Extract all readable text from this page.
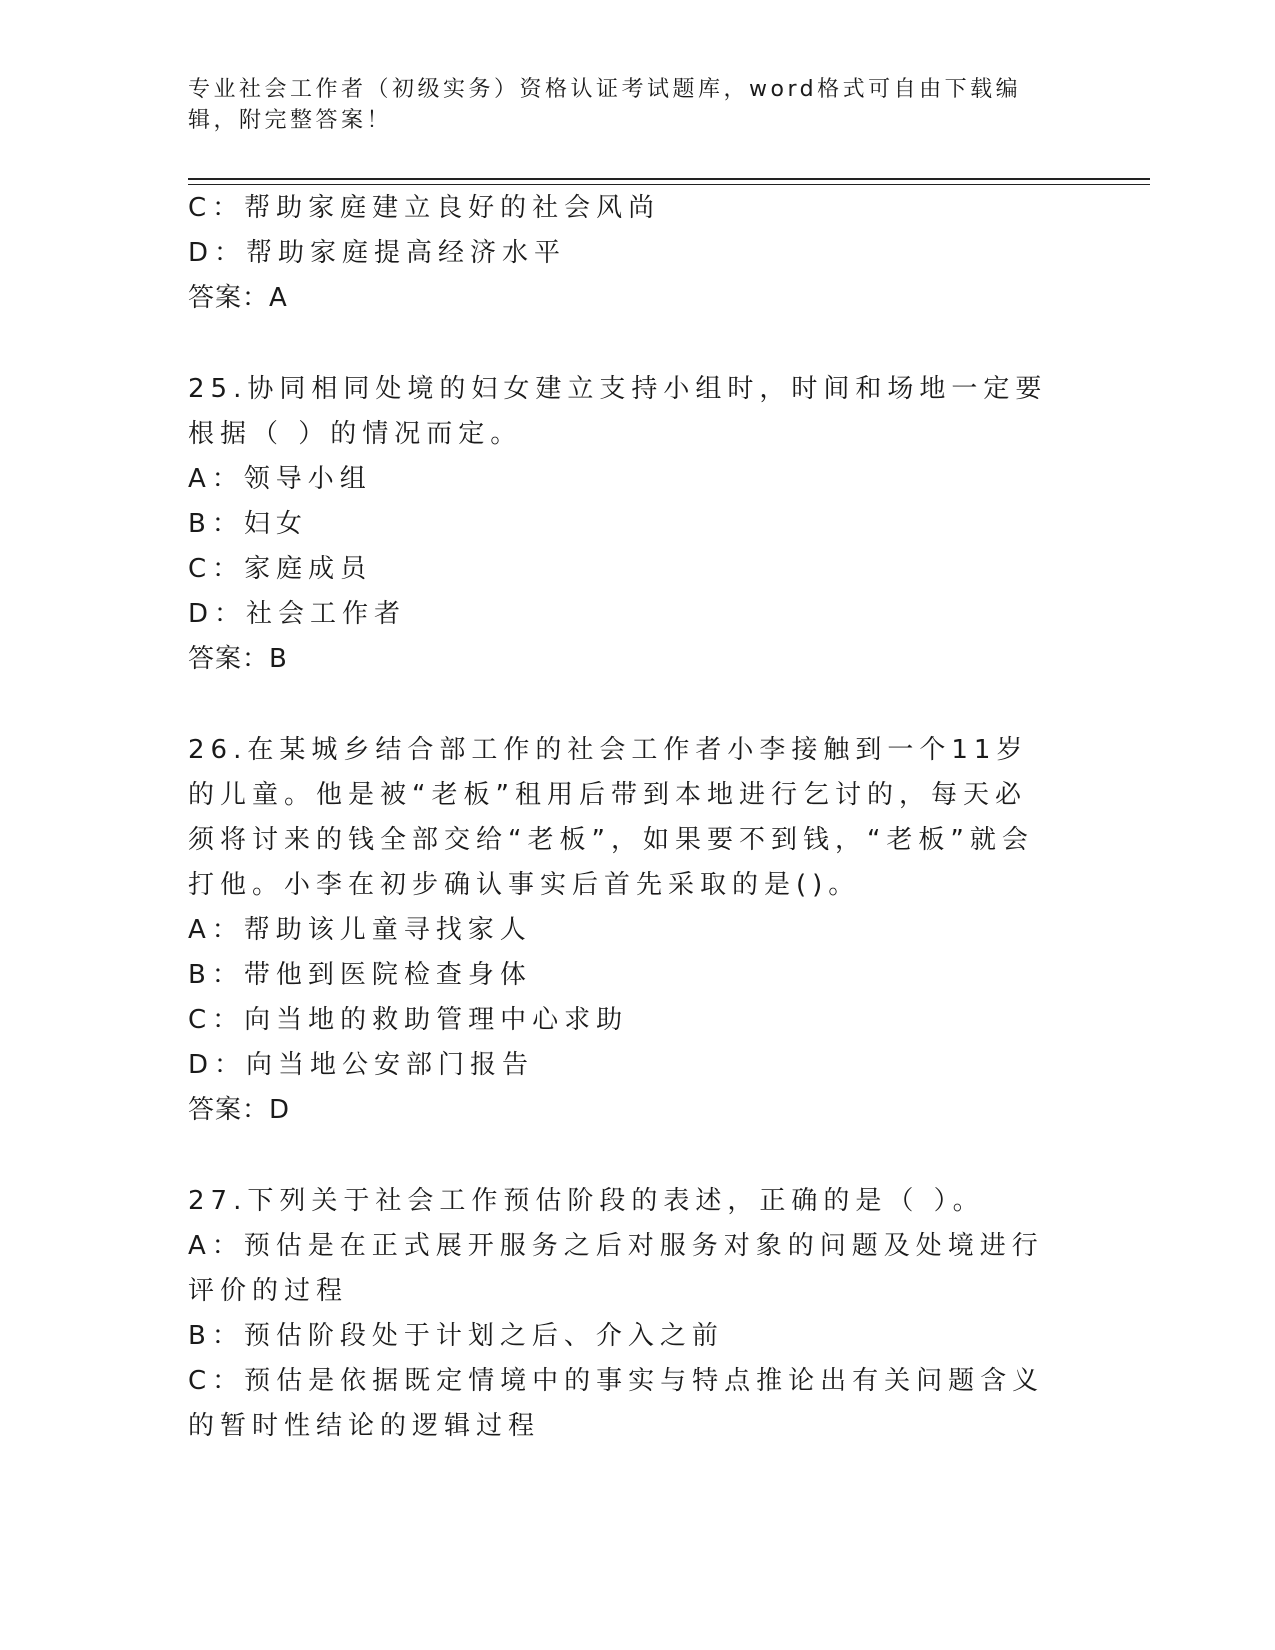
专业社会工作者（初级实务）资格认证考试题库，word格式可自由下载编辑，附完整答案！
C：帮助家庭建立良好的社会风尚
D：帮助家庭提高经济水平
答案：A
25.协同相同处境的妇女建立支持小组时，时间和场地一定要根据（ ）的情况而定。
A：领导小组
B：妇女
C：家庭成员
D：社会工作者
答案：B
26.在某城乡结合部工作的社会工作者小李接触到一个11岁的儿童。他是被“老板”租用后带到本地进行乞讨的，每天必须将讨来的钱全部交给“老板”，如果要不到钱，“老板”就会打他。小李在初步确认事实后首先采取的是()。
A：帮助该儿童寻找家人
B：带他到医院检查身体
C：向当地的救助管理中心求助
D：向当地公安部门报告
答案：D
27.下列关于社会工作预估阶段的表述，正确的是（ ）。
A：预估是在正式展开服务之后对服务对象的问题及处境进行评价的过程
B：预估阶段处于计划之后、介入之前
C：预估是依据既定情境中的事实与特点推论出有关问题含义的暂时性结论的逻辑过程
